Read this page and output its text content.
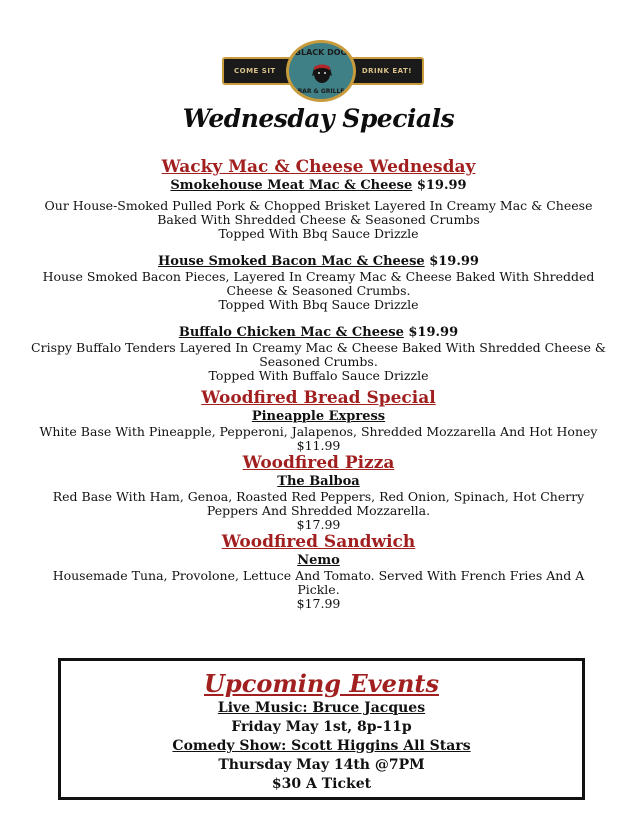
COME SIT	DRINK EAT!
BLACK DOG
BAR & GRILLE
Wednesday Specials
Wacky Mac & Cheese Wednesday
Smokehouse Meat Mac & Cheese $19.99
Our House-Smoked Pulled Pork & Chopped Brisket Layered In Creamy Mac & Cheese
Baked With Shredded Cheese & Seasoned Crumbs
Topped With Bbq Sauce Drizzle
House Smoked Bacon Mac & Cheese $19.99
House Smoked Bacon Pieces, Layered In Creamy Mac & Cheese Baked With Shredded
Cheese & Seasoned Crumbs.
Topped With Bbq Sauce Drizzle
Buffalo Chicken Mac & Cheese $19.99
Crispy Buffalo Tenders Layered In Creamy Mac & Cheese Baked With Shredded Cheese &
Seasoned Crumbs.
Topped With Buffalo Sauce Drizzle
Woodfired Bread Special
Pineapple Express
White Base With Pineapple, Pepperoni, Jalapenos, Shredded Mozzarella And Hot Honey
$11.99
Woodfired Pizza
The Balboa
Red Base With Ham, Genoa, Roasted Red Peppers, Red Onion, Spinach, Hot Cherry
Peppers And Shredded Mozzarella.
$17.99
Woodfired Sandwich
Nemo
Housemade Tuna, Provolone, Lettuce And Tomato. Served With French Fries And A
Pickle.
$17.99
Upcoming Events
Live Music: Bruce Jacques
Friday May 1st, 8p-11p
Comedy Show: Scott Higgins All Stars
Thursday May 14th @7PM
$30 A Ticket
